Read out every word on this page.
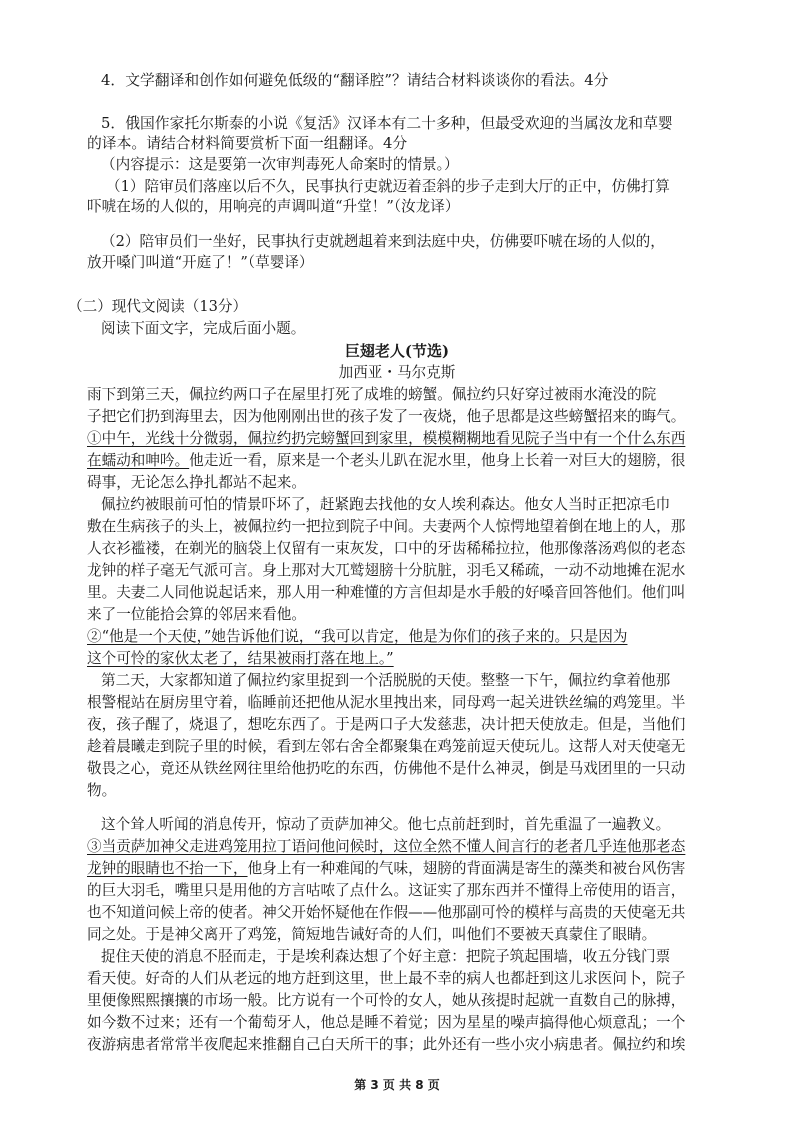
4．文学翻译和创作如何避免低级的“翻译腔”？请结合材料谈谈你的看法。4分
5．俄国作家托尔斯泰的小说《复活》汉译本有二十多种，但最受欢迎的当属汝龙和草婴
的译本。请结合材料简要赏析下面一组翻译。4分
（内容提示：这是要第一次审判毒死人命案时的情景。）
（1）陪审员们落座以后不久，民事执行吏就迈着歪斜的步子走到大厅的正中，仿佛打算
吓唬在场的人似的，用响亮的声调叫道“升堂！”（汝龙译）
（2）陪审员们一坐好，民事执行吏就趔趄着来到法庭中央，仿佛要吓唬在场的人似的，
放开嗓门叫道“开庭了！”（草婴译）
（二）现代文阅读（13分）
阅读下面文字，完成后面小题。
巨翅老人(节选)
加西亚・马尔克斯
雨下到第三天，佩拉约两口子在屋里打死了成堆的螃蟹。佩拉约只好穿过被雨水淹没的院
子把它们扔到海里去，因为他刚刚出世的孩子发了一夜烧，他子思都是这些螃蟹招来的晦气。
①中午，光线十分微弱，佩拉约扔完螃蟹回到家里，模模糊糊地看见院子当中有一个什么东西
在蠕动和呻吟。他走近一看，原来是一个老头儿趴在泥水里，他身上长着一对巨大的翅膀，很
碍事，无论怎么挣扎都站不起来。
佩拉约被眼前可怕的情景吓坏了，赶紧跑去找他的女人埃利森达。他女人当时正把凉毛巾
敷在生病孩子的头上，被佩拉约一把拉到院子中间。夫妻两个人惊愕地望着倒在地上的人，那
人衣衫褴褛，在剃光的脑袋上仅留有一束灰发，口中的牙齿稀稀拉拉，他那像落汤鸡似的老态
龙钟的样子毫无气派可言。身上那对大兀鹫翅膀十分肮脏，羽毛又稀疏，一动不动地摊在泥水
里。夫妻二人同他说起话来，那人用一种难懂的方言但却是水手般的好嗓音回答他们。他们叫
来了一位能拾会算的邻居来看他。
②“他是一个天使，”她告诉他们说，“我可以肯定，他是为你们的孩子来的。只是因为
这个可怜的家伙太老了，结果被雨打落在地上。”
第二天，大家都知道了佩拉约家里捉到一个活脱脱的天使。整整一下午，佩拉约拿着他那
根警棍站在厨房里守着，临睡前还把他从泥水里拽出来，同母鸡一起关进铁丝编的鸡笼里。半
夜，孩子醒了，烧退了，想吃东西了。于是两口子大发慈悲，决计把天使放走。但是，当他们
趁着晨曦走到院子里的时候，看到左邻右舍全都聚集在鸡笼前逗天使玩儿。这帮人对天使毫无
敬畏之心，竟还从铁丝网往里给他扔吃的东西，仿佛他不是什么神灵，倒是马戏团里的一只动
物。
这个耸人听闻的消息传开，惊动了贡萨加神父。他七点前赶到时，首先重温了一遍教义。
③当贡萨加神父走进鸡笼用拉丁语问他问候时，这位全然不懂人间言行的老者几乎连他那老态
龙钟的眼睛也不抬一下，他身上有一种难闻的气味，翅膀的背面满是寄生的藻类和被台风伤害
的巨大羽毛，嘴里只是用他的方言咕哝了点什么。这证实了那东西并不懂得上帝使用的语言，
也不知道问候上帝的使者。神父开始怀疑他在作假——他那副可怜的模样与高贵的天使毫无共
同之处。于是神父离开了鸡笼，简短地告诫好奇的人们，叫他们不要被天真蒙住了眼睛。
捉住天使的消息不胫而走，于是埃利森达想了个好主意：把院子筑起围墙，收五分钱门票
看天使。好奇的人们从老远的地方赶到这里，世上最不幸的病人也都赶到这儿求医问卜，院子
里便像熙熙攘攘的市场一般。比方说有一个可怜的女人，她从孩提时起就一直数自己的脉搏，
如今数不过来；还有一个葡萄牙人，他总是睡不着觉；因为星星的噪声搞得他心烦意乱；一个
夜游病患者常常半夜爬起来推翻自己白天所干的事；此外还有一些小灾小病患者。佩拉约和埃
第 3 页 共 8 页
